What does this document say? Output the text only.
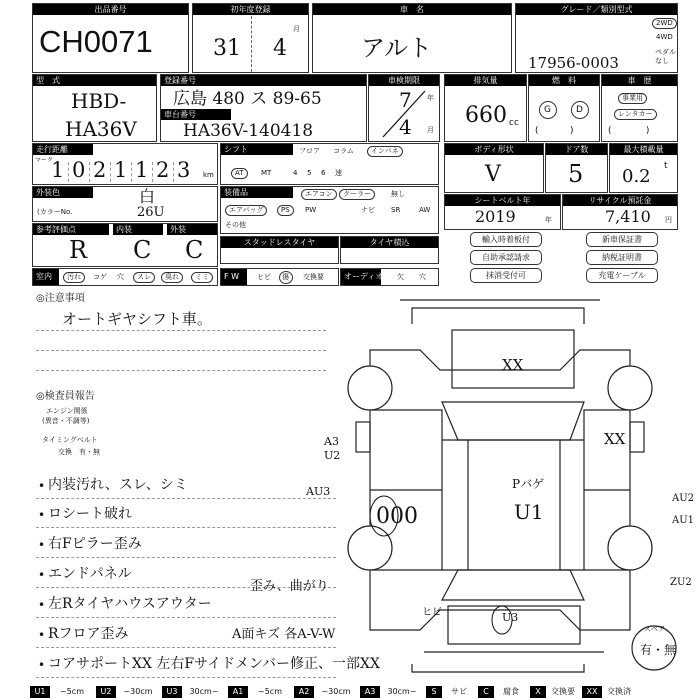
出品番号
CH0071
初年度登録
31
月
4
車　名
アルト
グレード／類別型式
17956-0003
2WD
4WD
ペダル
なし
型　式
HBD-
HA36V
登録番号
広島 480 ス 89-65
車台番号
HA36V-140418
車検期限
年
月
7
4
排気量
660 cc
燃　料
G	D
(           )
車　歴
事業用
レンタカー
(            )
走行距離
マーク
1 0 2 1 1 2 3 km
シフト	フロア コラム	インパネ
AT	MT	4 5 6 速
ボディ形状
V
ドア数
5
最大積載量
0.2 t
外装色	白
(カラーNo.	26U
装備品	エアコン	クーラー	無し
エアバッグ	PS	PW	ナビ SR	AW
その他
シートベルト年
2019	年
リサイクル預託金
7,410 円
参考評価点	内装	外装
R C C	スタッドレスタイヤ	タイヤ積込	輸入時着板付	新車保証書
自助承認請求	納税証明書
抹消受付可	充電ケーブル
室内	汚れ	コゲ 穴	スレ	臭れ	ミミ	F W	ヒビ 傷 交換要	オーディオ 欠 穴
◎注意事項
オートギヤシフト車。
◎検査員報告
エンジン関係
(異音・不調等)
タイミングベルト
交換　有・無
• 内装汚れ、スレ、シミ
• ロシート破れ
• 右Fピラー歪み
• エンドパネル
• 左Rタイヤハウスアウター
• Rフロア歪み
• コアサポートXX 左右Fサイドメンバー修正、一部XX
歪み、曲がり
A面キズ 各A-V-W
XX
XX
Pバゲ
U1
A3
U2
AU3
000
AU2
AU1
ZU2
U3
ヒビ
スペア
有・無
U1	~5cm	U2	~30cm	U3	30cm~	A1	~5cm	A2	~30cm	A3	30cm~	S	サビ	C	腐食	X	交換要	XX	交換済
